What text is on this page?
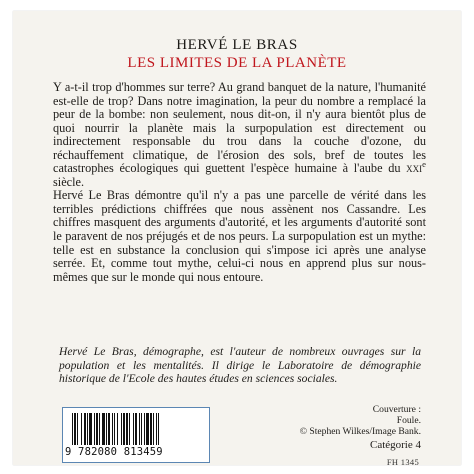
HERVÉ LE BRAS
LES LIMITES DE LA PLANÈTE

Y a-t-il trop d'hommes sur terre? Au grand banquet de la nature, l'humanité est-elle de trop? Dans notre imagination, la peur du nombre a remplacé la peur de la bombe: non seulement, nous dit-on, il n'y aura bientôt plus de quoi nourrir la planète mais la surpopulation est directement ou indirectement responsable du trou dans la couche d'ozone, du réchauffement climatique, de l'érosion des sols, bref de toutes les catastrophes écologiques qui guettent l'espèce humaine à l'aube du xxi$^e$ siècle.

Hervé Le Bras démontre qu'il n'y a pas une parcelle de vérité dans les terribles prédictions chiffrées que nous assènent nos Cassandre. Les chiffres masquent des arguments d'autorité, et les arguments d'autorité sont le paravent de nos préjugés et de nos peurs. La surpopulation est un mythe: telle est en substance la conclusion qui s'impose ici après une analyse serrée. Et, comme tout mythe, celui-ci nous en apprend plus sur nous-mêmes que sur le monde qui nous entoure.

Hervé Le Bras, démographe, est l'auteur de nombreux ouvrages sur la population et les mentalités. Il dirige le Laboratoire de démographie historique de l'Ecole des hautes études en sciences sociales.

9 782080 813459
Couverture :
Foule.
© Stephen Wilkes/Image Bank.
Catégorie 4
FH 1345
